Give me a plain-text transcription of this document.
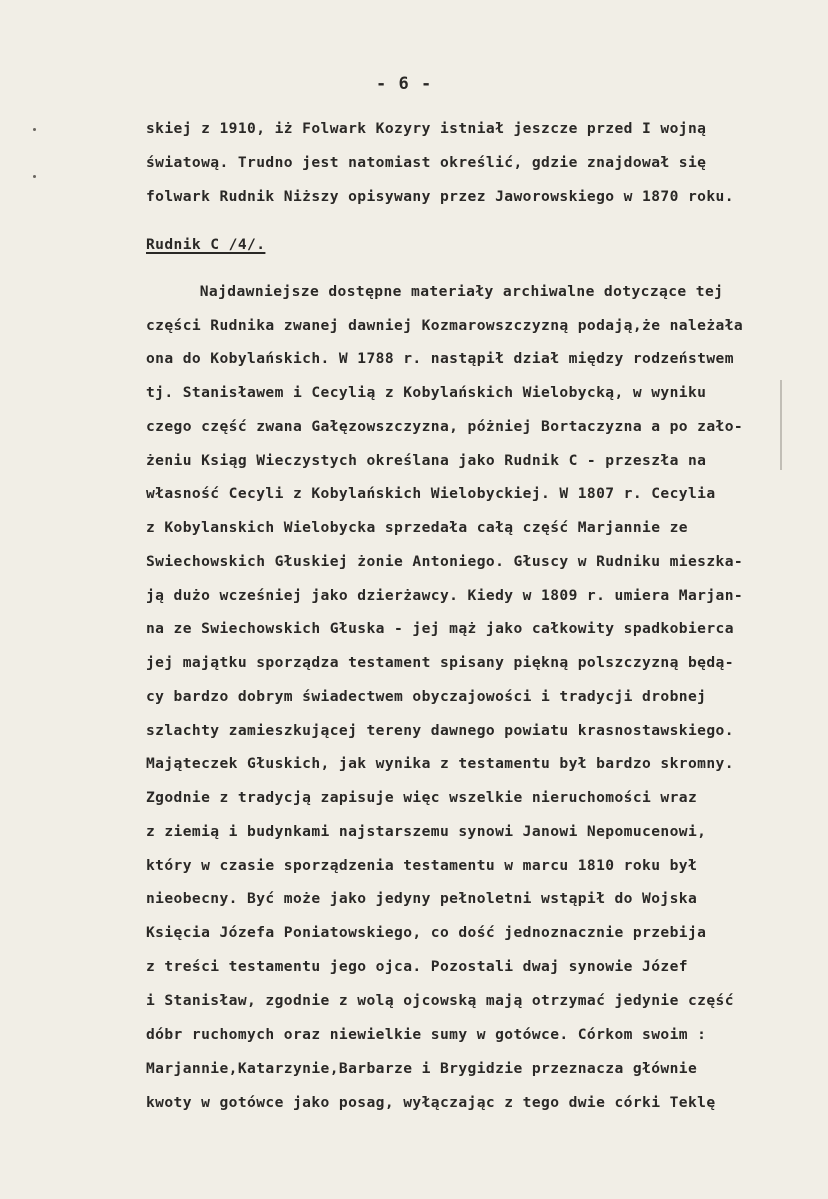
- 6 -
skiej z 1910, iż Folwark Kozyry istniał jeszcze przed I wojną
światową. Trudno jest natomiast określić, gdzie znajdował się
folwark Rudnik Niższy opisywany przez Jaworowskiego w 1870 roku.
Rudnik C /4/.
Najdawniejsze dostępne materiały archiwalne dotyczące tej
części Rudnika zwanej dawniej Kozmarowszczyzną podają,że należała
ona do Kobylańskich. W 1788 r. nastąpił dział między rodzeństwem
tj. Stanisławem i Cecylią z Kobylańskich Wielobycką, w wyniku
czego część zwana Gałęzowszczyzna, póżniej Bortaczyzna a po zało-
żeniu Ksiąg Wieczystych określana jako Rudnik C - przeszła na
własność Cecyli z Kobylańskich Wielobyckiej. W 1807 r. Cecylia
z Kobylanskich Wielobycka sprzedała całą część Marjannie ze
Swiechowskich Głuskiej żonie Antoniego. Głuscy w Rudniku mieszka-
ją dużo wcześniej jako dzierżawcy. Kiedy w 1809 r. umiera Marjan-
na ze Swiechowskich Głuska - jej mąż jako całkowity spadkobierca
jej majątku sporządza testament spisany piękną polszczyzną będą-
cy bardzo dobrym świadectwem obyczajowości i tradycji drobnej
szlachty zamieszkującej tereny dawnego powiatu krasnostawskiego.
Mająteczek Głuskich, jak wynika z testamentu był bardzo skromny.
Zgodnie z tradycją zapisuje więc wszelkie nieruchomości wraz
z ziemią i budynkami najstarszemu synowi Janowi Nepomucenowi,
który w czasie sporządzenia testamentu w marcu 1810 roku był
nieobecny. Być może jako jedyny pełnoletni wstąpił do Wojska
Księcia Józefa Poniatowskiego, co dość jednoznacznie przebija
z treści testamentu jego ojca. Pozostali dwaj synowie Józef
i Stanisław, zgodnie z wolą ojcowską mają otrzymać jedynie część
dóbr ruchomych oraz niewielkie sumy w gotówce. Córkom swoim :
Marjannie,Katarzynie,Barbarze i Brygidzie przeznacza głównie
kwoty w gotówce jako posag, wyłączając z tego dwie córki Teklę
